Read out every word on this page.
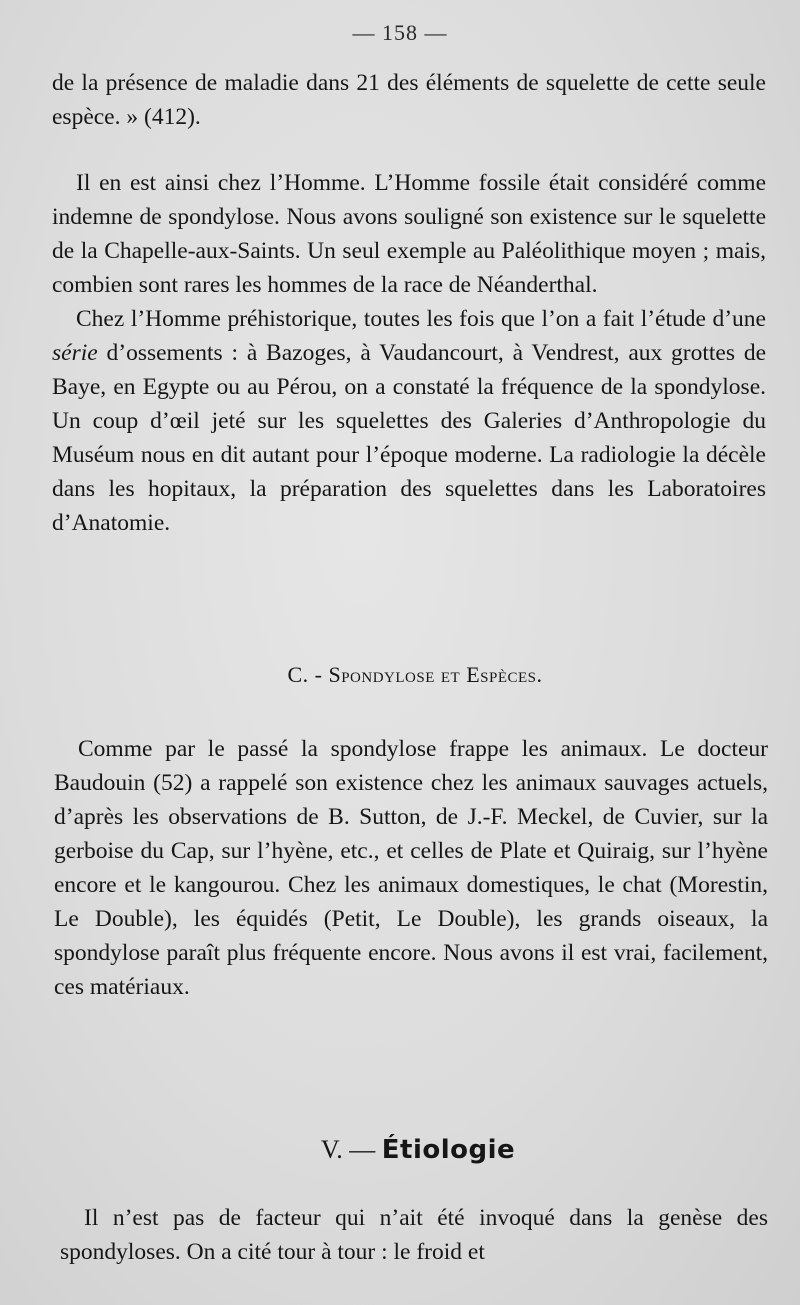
— 158 —

de la présence de maladie dans 21 des éléments de squelette de cette seule espèce. » (412).

Il en est ainsi chez l’Homme. L’Homme fossile était considéré comme indemne de spondylose. Nous avons souligné son existence sur le squelette de la Chapelle-aux-Saints. Un seul exemple au Paléolithique moyen ; mais, combien sont rares les hommes de la race de Néanderthal.

Chez l’Homme préhistorique, toutes les fois que l’on a fait l’étude d’une série d’ossements : à Bazoges, à Vaudancourt, à Vendrest, aux grottes de Baye, en Egypte ou au Pérou, on a constaté la fréquence de la spondylose. Un coup d’œil jeté sur les squelettes des Galeries d’Anthropologie du Muséum nous en dit autant pour l’époque moderne. La radiologie la décèle dans les hopitaux, la préparation des squelettes dans les Laboratoires d’Anatomie.

C. - Spondylose et Espèces.

Comme par le passé la spondylose frappe les animaux. Le docteur Baudouin (52) a rappelé son existence chez les animaux sauvages actuels, d’après les observations de B. Sutton, de J.-F. Meckel, de Cuvier, sur la gerboise du Cap, sur l’hyène, etc., et celles de Plate et Quiraig, sur l’hyène encore et le kangourou. Chez les animaux domestiques, le chat (Morestin, Le Double), les équidés (Petit, Le Double), les grands oiseaux, la spondylose paraît plus fréquente encore. Nous avons il est vrai, facilement, ces matériaux.

V. — Étiologie

Il n’est pas de facteur qui n’ait été invoqué dans la genèse des spondyloses. On a cité tour à tour : le froid et
